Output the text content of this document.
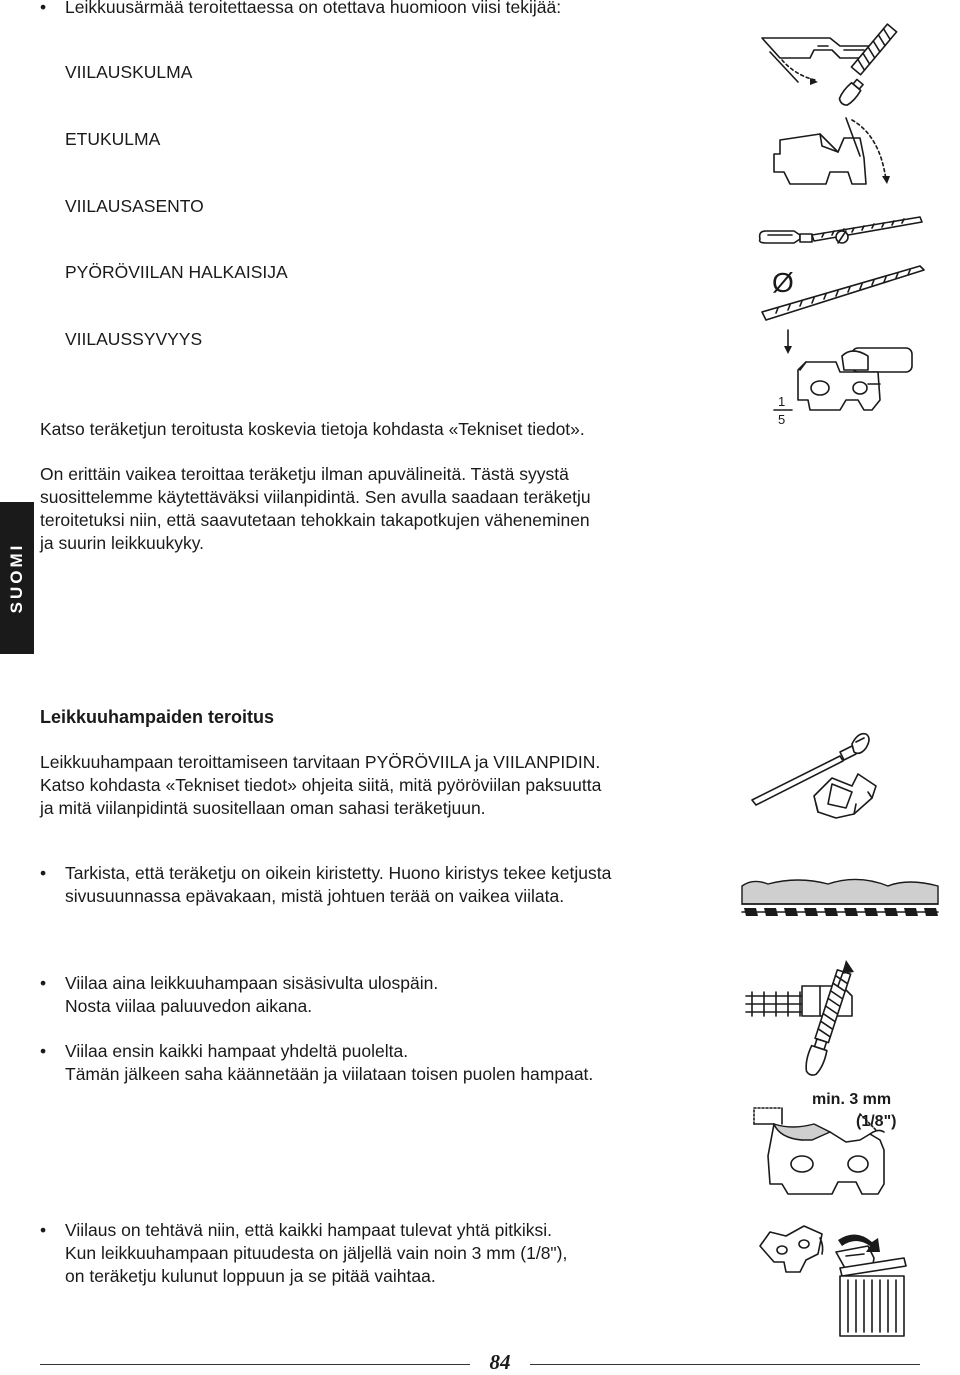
SUOMI
• Leikkuusärmää teroitettaessa on otettava huomioon viisi tekijää:
VIILAUSKULMA
ETUKULMA
VIILAUSASENTO
PYÖRÖVIILAN HALKAISIJA
VIILAUSSYVYYS
Katso teräketjun teroitusta koskevia tietoja kohdasta «Tekniset tiedot».
On erittäin vaikea teroittaa teräketju ilman apuvälineitä. Tästä syystä
suosittelemme käytettäväksi viilanpidintä. Sen avulla saadaan teräketju
teroitetuksi niin, että saavutetaan tehokkain takapotkujen väheneminen
ja suurin leikkuukyky.
Leikkuuhampaiden teroitus
Leikkuuhampaan teroittamiseen tarvitaan PYÖRÖVIILA ja VIILANPIDIN.
Katso kohdasta «Tekniset tiedot» ohjeita siitä, mitä pyöröviilan paksuutta
ja mitä viilanpidintä suositellaan oman sahasi teräketjuun.
• Tarkista, että teräketju on oikein kiristetty. Huono kiristys tekee ketjusta
sivusuunnassa epävakaan, mistä johtuen terää on vaikea viilata.
• Viilaa aina leikkuuhampaan sisäsivulta ulospäin.
Nosta viilaa paluuvedon aikana.
• Viilaa ensin kaikki hampaat yhdeltä puolelta.
Tämän jälkeen saha käännetään ja viilataan toisen puolen hampaat.
• Viilaus on tehtävä niin, että kaikki hampaat tulevat yhtä pitkiksi.
Kun leikkuuhampaan pituudesta on jäljellä vain noin 3 mm (1/8"),
on teräketju kulunut loppuun ja se pitää vaihtaa.
Ø
1
5
min. 3 mm
(1/8")
84
